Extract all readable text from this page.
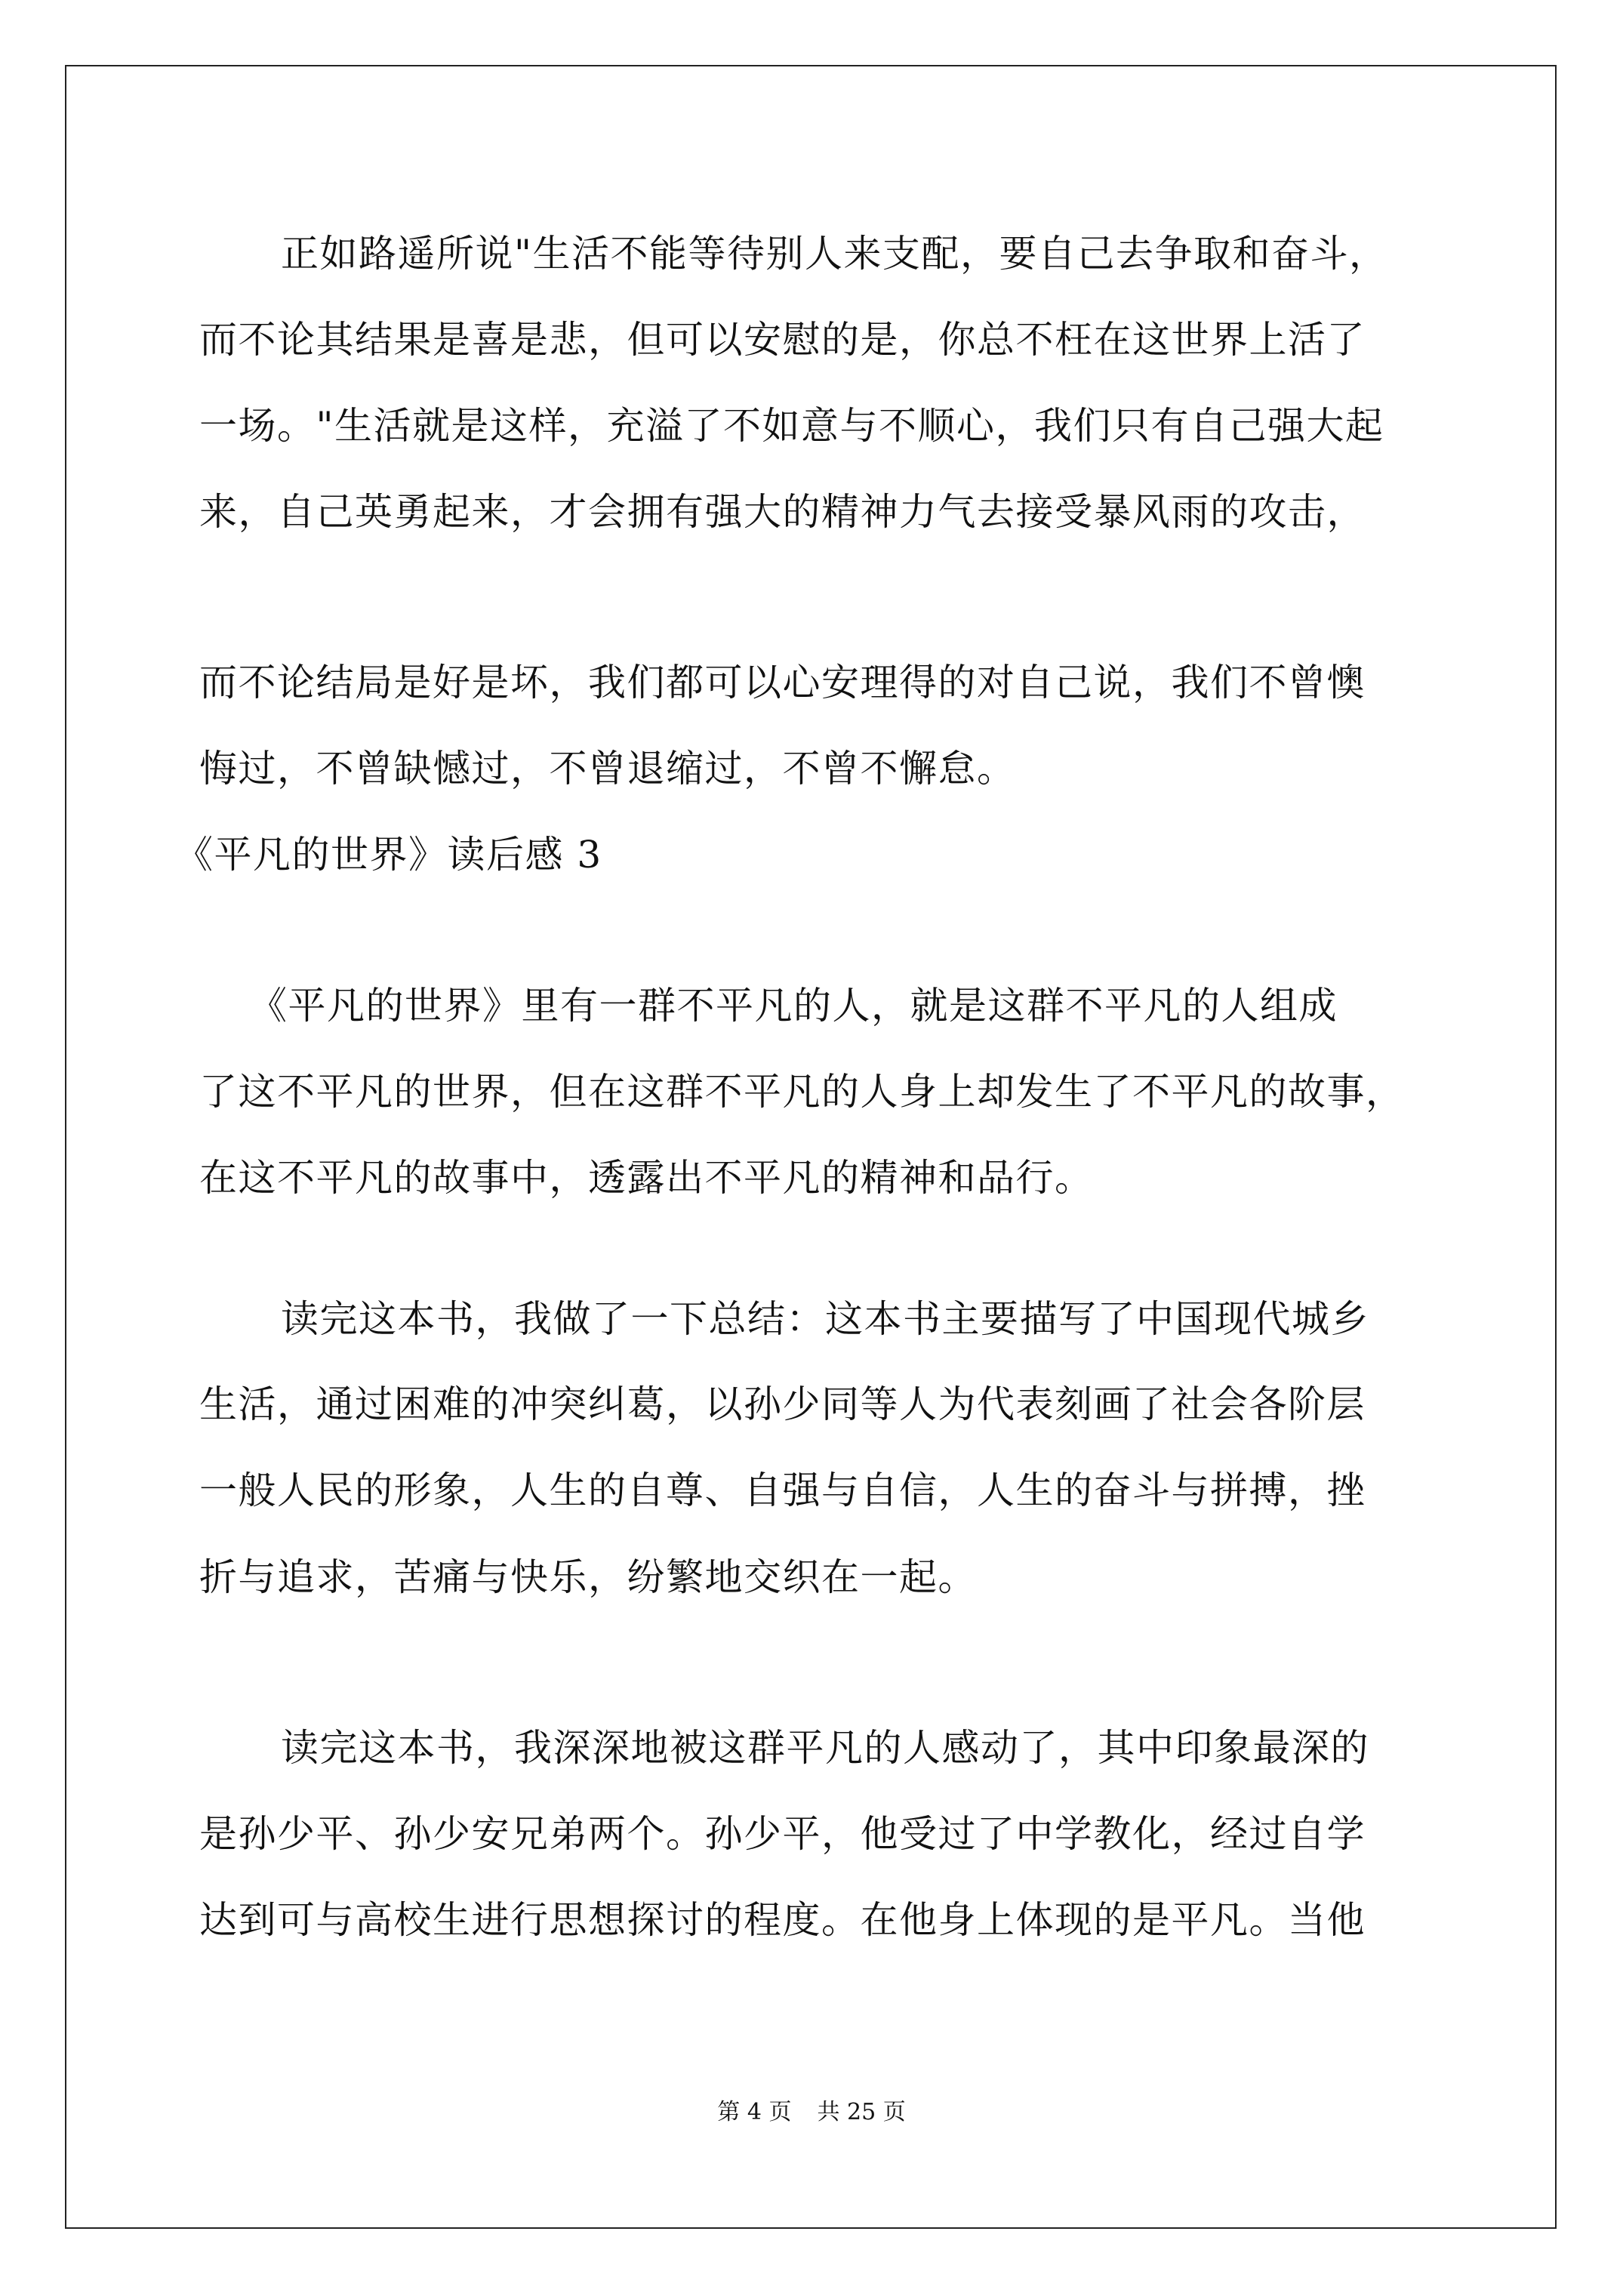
正如路遥所说"生活不能等待别人来支配，要自己去争取和奋斗，
而不论其结果是喜是悲，但可以安慰的是，你总不枉在这世界上活了
一场。"生活就是这样，充溢了不如意与不顺心，我们只有自己强大起
来，自己英勇起来，才会拥有强大的精神力气去接受暴风雨的攻击，
而不论结局是好是坏，我们都可以心安理得的对自己说，我们不曾懊
悔过，不曾缺憾过，不曾退缩过，不曾不懈怠。
《平凡的世界》读后感 3
《平凡的世界》里有一群不平凡的人，就是这群不平凡的人组成
了这不平凡的世界，但在这群不平凡的人身上却发生了不平凡的故事，
在这不平凡的故事中，透露出不平凡的精神和品行。
读完这本书，我做了一下总结：这本书主要描写了中国现代城乡
生活，通过困难的冲突纠葛，以孙少同等人为代表刻画了社会各阶层
一般人民的形象，人生的自尊、自强与自信，人生的奋斗与拼搏，挫
折与追求，苦痛与快乐，纷繁地交织在一起。
读完这本书，我深深地被这群平凡的人感动了，其中印象最深的
是孙少平、孙少安兄弟两个。孙少平，他受过了中学教化，经过自学
达到可与高校生进行思想探讨的程度。在他身上体现的是平凡。当他
第 4 页 共 25 页
